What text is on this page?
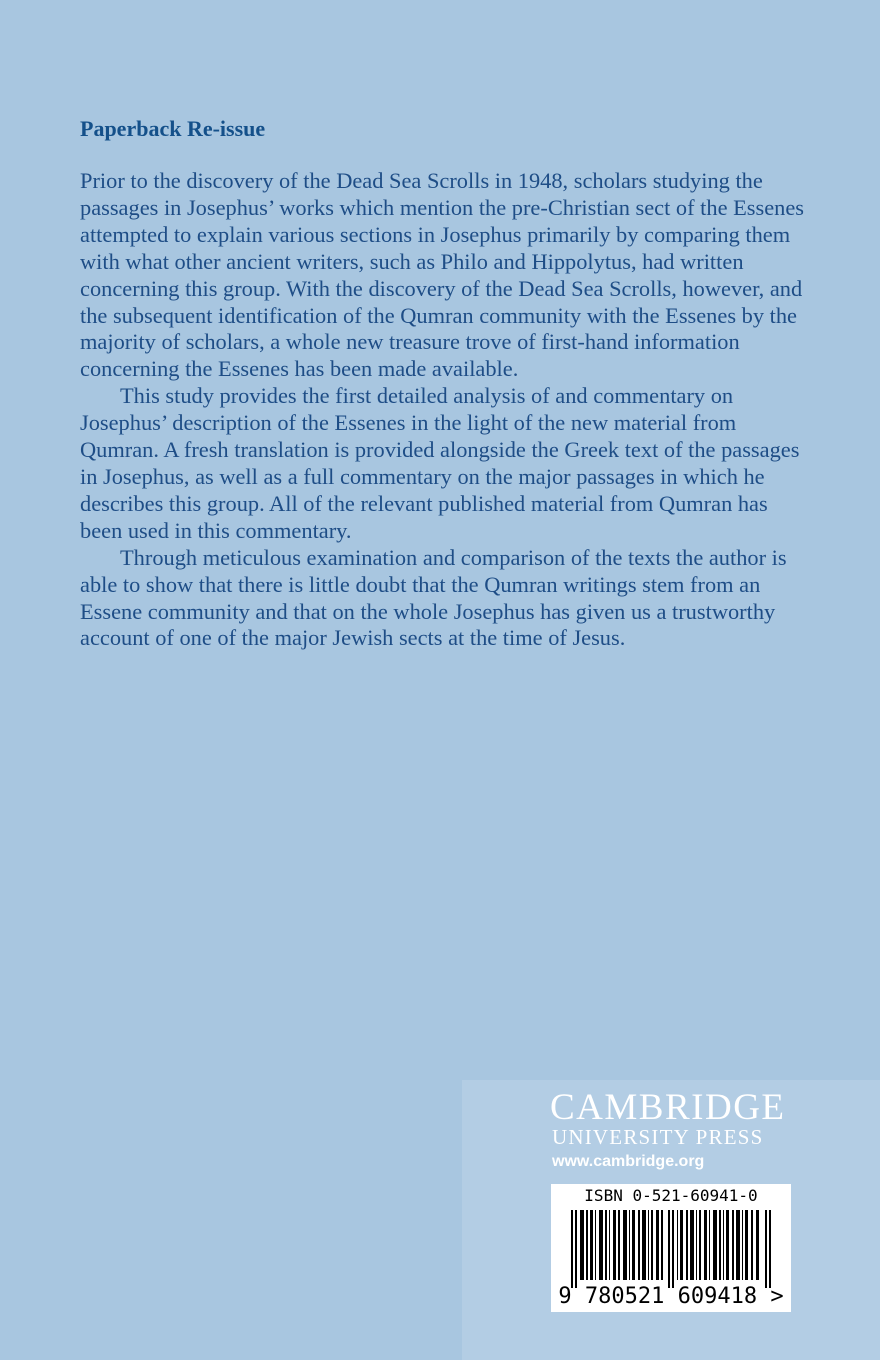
Paperback Re-issue

Prior to the discovery of the Dead Sea Scrolls in 1948, scholars studying the passages in Josephus’ works which mention the pre-Christian sect of the Essenes attempted to explain various sections in Josephus primarily by comparing them with what other ancient writers, such as Philo and Hippolytus, had written concerning this group. With the discovery of the Dead Sea Scrolls, however, and the subsequent identification of the Qumran community with the Essenes by the majority of scholars, a whole new treasure trove of first-hand information concerning the Essenes has been made available.

This study provides the first detailed analysis of and commentary on Josephus’ description of the Essenes in the light of the new material from Qumran. A fresh translation is provided alongside the Greek text of the passages in Josephus, as well as a full commentary on the major passages in which he describes this group. All of the relevant published material from Qumran has been used in this commentary.

Through meticulous examination and comparison of the texts the author is able to show that there is little doubt that the Qumran writings stem from an Essene community and that on the whole Josephus has given us a trustworthy account of one of the major Jewish sects at the time of Jesus.

CAMBRIDGE

UNIVERSITY PRESS

www.cambridge.org

ISBN 0-521-60941-0
9 780521 609418 >
